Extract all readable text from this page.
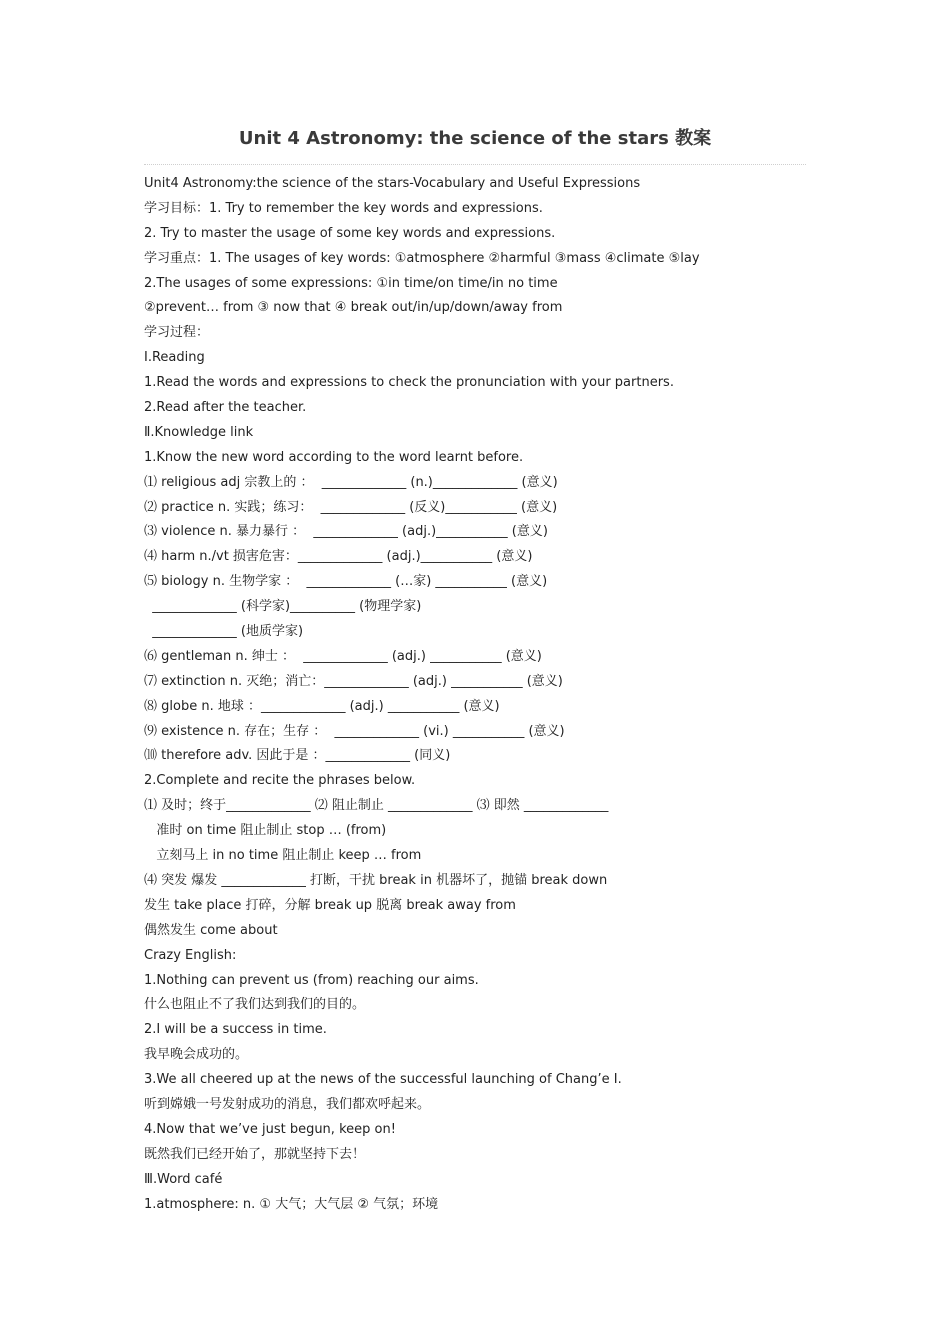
Unit 4 Astronomy: the science of the stars 教案
Unit4 Astronomy:the science of the stars-Vocabulary and Useful Expressions
学习目标：1. Try to remember the key words and expressions.
2. Try to master the usage of some key words and expressions.
学习重点：1. The usages of key words: ①atmosphere ②harmful ③mass ④climate ⑤lay
2.The usages of some expressions: ①in time/on time/in no time
②prevent… from ③ now that ④ break out/in/up/down/away from
学习过程：
Ⅰ.Reading
1.Read the words and expressions to check the pronunciation with your partners.
2.Read after the teacher.
Ⅱ.Knowledge link
1.Know the new word according to the word learnt before.
⑴ religious adj 宗教上的 ：  _____________ (n.)_____________ (意义)
⑵ practice n. 实践；练习：  _____________ (反义)___________ (意义)
⑶ violence n. 暴力暴行 ：  _____________ (adj.)___________ (意义)
⑷ harm n./vt 损害危害：_____________ (adj.)___________ (意义)
⑸ biology n. 生物学家 ：  _____________ (…家) ___________ (意义)
_____________ (科学家)__________ (物理学家)
_____________ (地质学家)
⑹ gentleman n. 绅士 ：  _____________ (adj.) ___________ (意义)
⑺ extinction n. 灭绝；消亡：_____________ (adj.) ___________ (意义)
⑻ globe n. 地球 ：_____________ (adj.) ___________ (意义)
⑼ existence n. 存在；生存 ：  _____________ (vi.) ___________ (意义)
⑽ therefore adv. 因此于是 ：_____________ (同义)
2.Complete and recite the phrases below.
⑴ 及时；终于_____________ ⑵ 阻止制止 _____________ ⑶ 即然 _____________
准时 on time 阻止制止 stop … (from)
立刻马上 in no time 阻止制止 keep … from
⑷ 突发 爆发 _____________ 打断，干扰 break in 机器坏了，抛锚 break down
发生 take place 打碎，分解 break up 脱离 break away from
偶然发生 come about
Crazy English:
1.Nothing can prevent us (from) reaching our aims.
什么也阻止不了我们达到我们的目的。
2.I will be a success in time.
我早晚会成功的。
3.We all cheered up at the news of the successful launching of Chang’e I.
听到嫦娥一号发射成功的消息，我们都欢呼起来。
4.Now that we’ve just begun, keep on!
既然我们已经开始了，那就坚持下去！
Ⅲ.Word café
1.atmosphere: n. ① 大气；大气层 ② 气氛；环境
